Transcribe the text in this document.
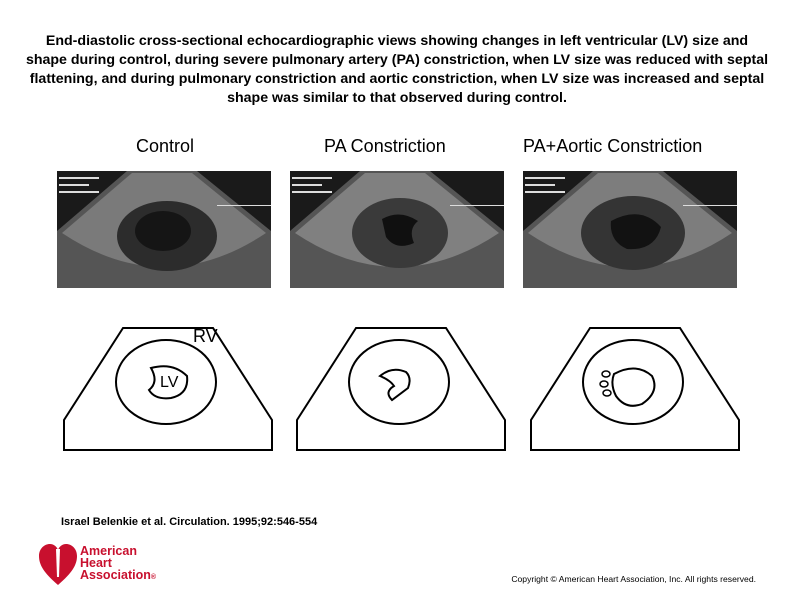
End-diastolic cross-sectional echocardiographic views showing changes in left ventricular (LV) size and shape during control, during severe pulmonary artery (PA) constriction, when LV size was reduced with septal flattening, and during pulmonary constriction and aortic constriction, when LV size was increased and septal shape was similar to that observed during control.
Control	PA Constriction	PA+Aortic Constriction
RV
LV
Israel Belenkie et al. Circulation. 1995;92:546-554
American
Heart
Association®	Copyright © American Heart Association, Inc. All rights reserved.
